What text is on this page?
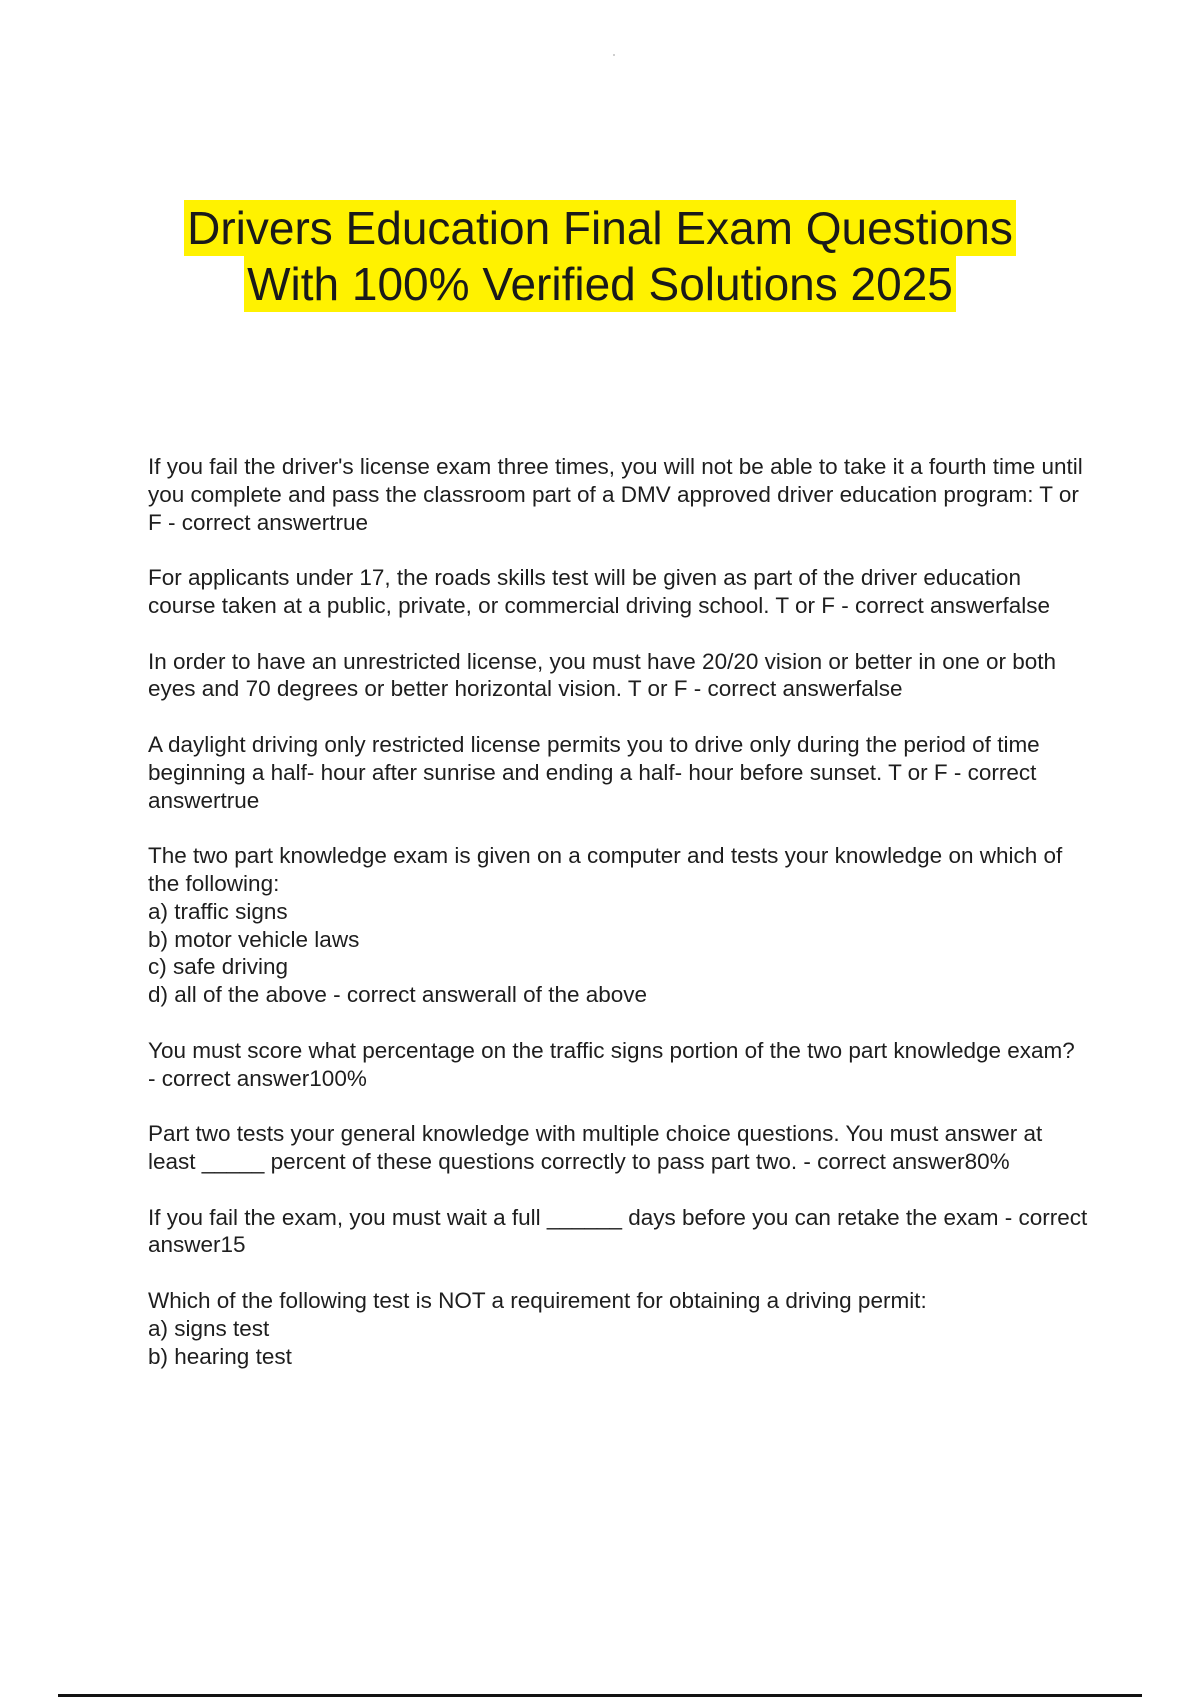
Drivers Education Final Exam Questions
With 100% Verified Solutions 2025

If you fail the driver's license exam three times, you will not be able to take it a fourth time until you complete and pass the classroom part of a DMV approved driver education program: T or F - correct answertrue

For applicants under 17, the roads skills test will be given as part of the driver education course taken at a public, private, or commercial driving school. T or F - correct answerfalse

In order to have an unrestricted license, you must have 20/20 vision or better in one or both eyes and 70 degrees or better horizontal vision. T or F - correct answerfalse

A daylight driving only restricted license permits you to drive only during the period of time beginning a half- hour after sunrise and ending a half- hour before sunset. T or F - correct answertrue

The two part knowledge exam is given on a computer and tests your knowledge on which of the following:

a) traffic signs
b) motor vehicle laws
c) safe driving
d) all of the above - correct answerall of the above

You must score what percentage on the traffic signs portion of the two part knowledge exam? - correct answer100%

Part two tests your general knowledge with multiple choice questions. You must answer at least _____ percent of these questions correctly to pass part two. - correct answer80%

If you fail the exam, you must wait a full ______ days before you can retake the exam - correct answer15

Which of the following test is NOT a requirement for obtaining a driving permit:

a) signs test
b) hearing test
